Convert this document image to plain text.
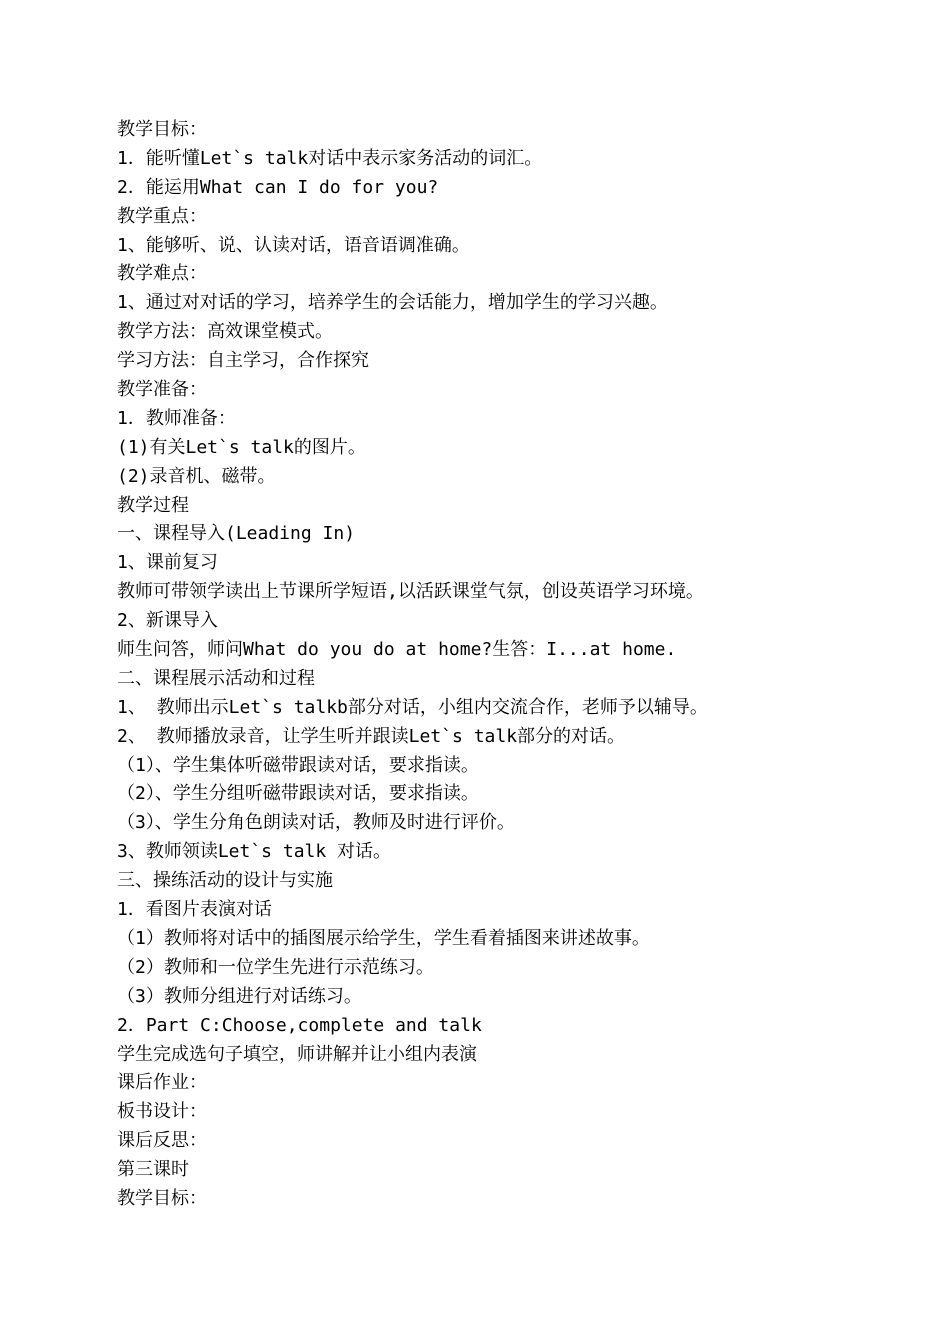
教学目标：
1．能听懂Let`s talk对话中表示家务活动的词汇。
2．能运用What can I do for you?
教学重点：
1、能够听、说、认读对话，语音语调准确。
教学难点：
1、通过对对话的学习，培养学生的会话能力，增加学生的学习兴趣。
教学方法：高效课堂模式。
学习方法：自主学习，合作探究
教学准备：
1．教师准备：
(1)有关Let`s talk的图片。
(2)录音机、磁带。
教学过程
一、课程导入(Leading In)
1、课前复习
教师可带领学读出上节课所学短语,以活跃课堂气氛，创设英语学习环境。
2、新课导入
师生问答，师问What do you do at home?生答：I...at home.
二、课程展示活动和过程
1、 教师出示Let`s talkb部分对话，小组内交流合作，老师予以辅导。
2、 教师播放录音，让学生听并跟读Let`s talk部分的对话。
（1）、学生集体听磁带跟读对话，要求指读。
（2）、学生分组听磁带跟读对话，要求指读。
（3）、学生分角色朗读对话，教师及时进行评价。
3、教师领读Let`s talk 对话。
三、操练活动的设计与实施
1．看图片表演对话
（1）教师将对话中的插图展示给学生，学生看着插图来讲述故事。
（2）教师和一位学生先进行示范练习。
（3）教师分组进行对话练习。
2．Part C:Choose,complete and talk
学生完成选句子填空，师讲解并让小组内表演
课后作业：
板书设计：
课后反思：
第三课时
教学目标：
